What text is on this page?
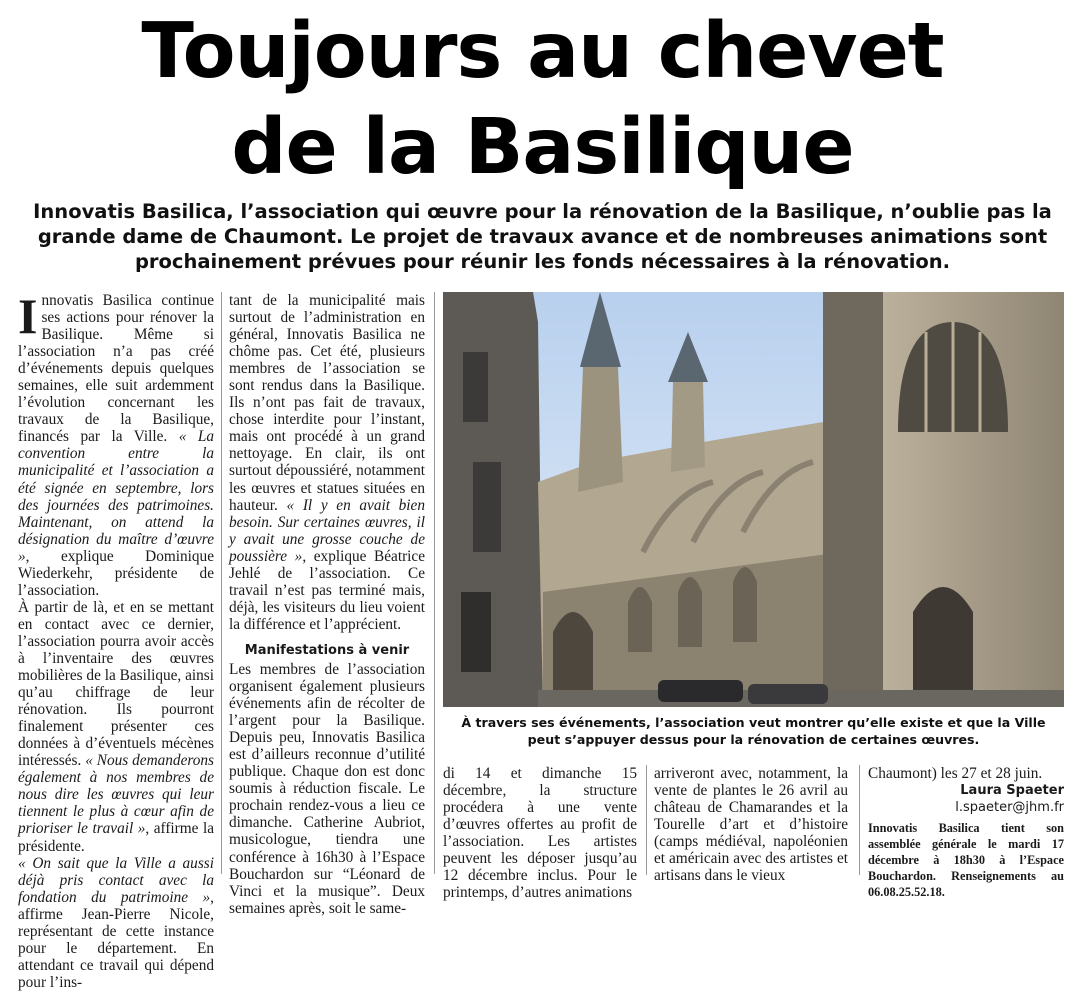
Toujours au chevet
de la Basilique
Innovatis Basilica, l’association qui œuvre pour la rénovation de la Basilique, n’oublie pas la grande dame de Chaumont. Le projet de travaux avance et de nombreuses animations sont prochainement prévues pour réunir les fonds nécessaires à la rénovation.

Innovatis Basilica continue ses actions pour rénover la Basilique. Même si l’association n’a pas créé d’événements depuis quelques semaines, elle suit ardemment l’évolution concernant les travaux de la Basilique, financés par la Ville. « La convention entre la municipalité et l’association a été signée en septembre, lors des journées des patrimoines. Maintenant, on attend la désignation du maître d’œuvre », explique Dominique Wiederkehr, présidente de l’association.

À partir de là, et en se mettant en contact avec ce dernier, l’association pourra avoir accès à l’inventaire des œuvres mobilières de la Basilique, ainsi qu’au chiffrage de leur rénovation. Ils pourront finalement présenter ces données à d’éventuels mécènes intéressés. « Nous demanderons également à nos membres de nous dire les œuvres qui leur tiennent le plus à cœur afin de prioriser le travail », affirme la présidente.

« On sait que la Ville a aussi déjà pris contact avec la fondation du patrimoine », affirme Jean-Pierre Nicole, représentant de cette instance pour le département. En attendant ce travail qui dépend pour l’ins-

tant de la municipalité mais surtout de l’administration en général, Innovatis Basilica ne chôme pas. Cet été, plusieurs membres de l’association se sont rendus dans la Basilique. Ils n’ont pas fait de travaux, chose interdite pour l’instant, mais ont procédé à un grand nettoyage. En clair, ils ont surtout dépoussiéré, notamment les œuvres et statues situées en hauteur. « Il y en avait bien besoin. Sur certaines œuvres, il y avait une grosse couche de poussière », explique Béatrice Jehlé de l’association. Ce travail n’est pas terminé mais, déjà, les visiteurs du lieu voient la différence et l’apprécient.

Manifestations à venir

Les membres de l’association organisent également plusieurs événements afin de récolter de l’argent pour la Basilique. Depuis peu, Innovatis Basilica est d’ailleurs reconnue d’utilité publique. Chaque don est donc soumis à réduction fiscale. Le prochain rendez-vous a lieu ce dimanche. Catherine Aubriot, musicologue, tiendra une conférence à 16h30 à l’Espace Bouchardon sur “Léonard de Vinci et la musique”. Deux semaines après, soit le same-

À travers ses événements, l’association veut montrer qu’elle existe et que la Ville
peut s’appuyer dessus pour la rénovation de certaines œuvres.
di 14 et dimanche 15 décembre, la structure procédera à une vente d’œuvres offertes au profit de l’association. Les artistes peuvent les déposer jusqu’au 12 décembre inclus. Pour le printemps, d’autres animations
arriveront avec, notamment, la vente de plantes le 26 avril au château de Chamarandes et la Tourelle d’art et d’histoire (camps médiéval, napoléonien et américain avec des artistes et artisans dans le vieux

Chaumont) les 27 et 28 juin.

Laura Spaeter
l.spaeter@jhm.fr
Innovatis Basilica tient son assemblée générale le mardi 17 décembre à 18h30 à l’Espace Bouchardon. Renseignements au 06.08.25.52.18.
